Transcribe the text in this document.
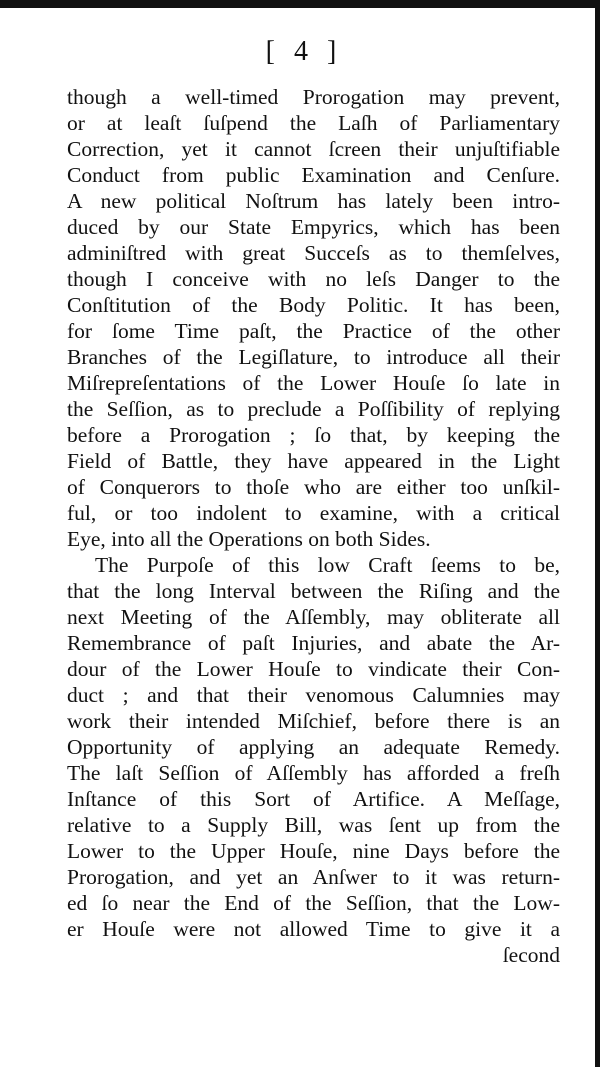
[ 4 ]
though a well-timed Prorogation may prevent,
or at leaſt ſuſpend the Laſh of Parliamentary
Correction, yet it cannot ſcreen their unjuſtifiable
Conduct from public Examination and Cenſure.
A new political Noſtrum has lately been intro-
duced by our State Empyrics, which has been
adminiſtred with great Succeſs as to themſelves,
though I conceive with no leſs Danger to the
Conſtitution of the Body Politic. It has been,
for ſome Time paſt, the Practice of the other
Branches of the Legiſlature, to introduce all their
Miſrepreſentations of the Lower Houſe ſo late in
the Seſſion, as to preclude a Poſſibility of replying
before a Prorogation ; ſo that, by keeping the
Field of Battle, they have appeared in the Light
of Conquerors to thoſe who are either too unſkil-
ful, or too indolent to examine, with a critical
Eye, into all the Operations on both Sides.
The Purpoſe of this low Craft ſeems to be,
that the long Interval between the Riſing and the
next Meeting of the Aſſembly, may obliterate all
Remembrance of paſt Injuries, and abate the Ar-
dour of the Lower Houſe to vindicate their Con-
duct ; and that their venomous Calumnies may
work their intended Miſchief, before there is an
Opportunity of applying an adequate Remedy.
The laſt Seſſion of Aſſembly has afforded a freſh
Inſtance of this Sort of Artifice. A Meſſage,
relative to a Supply Bill, was ſent up from the
Lower to the Upper Houſe, nine Days before the
Prorogation, and yet an Anſwer to it was return-
ed ſo near the End of the Seſſion, that the Low-
er Houſe were not allowed Time to give it a
ſecond
